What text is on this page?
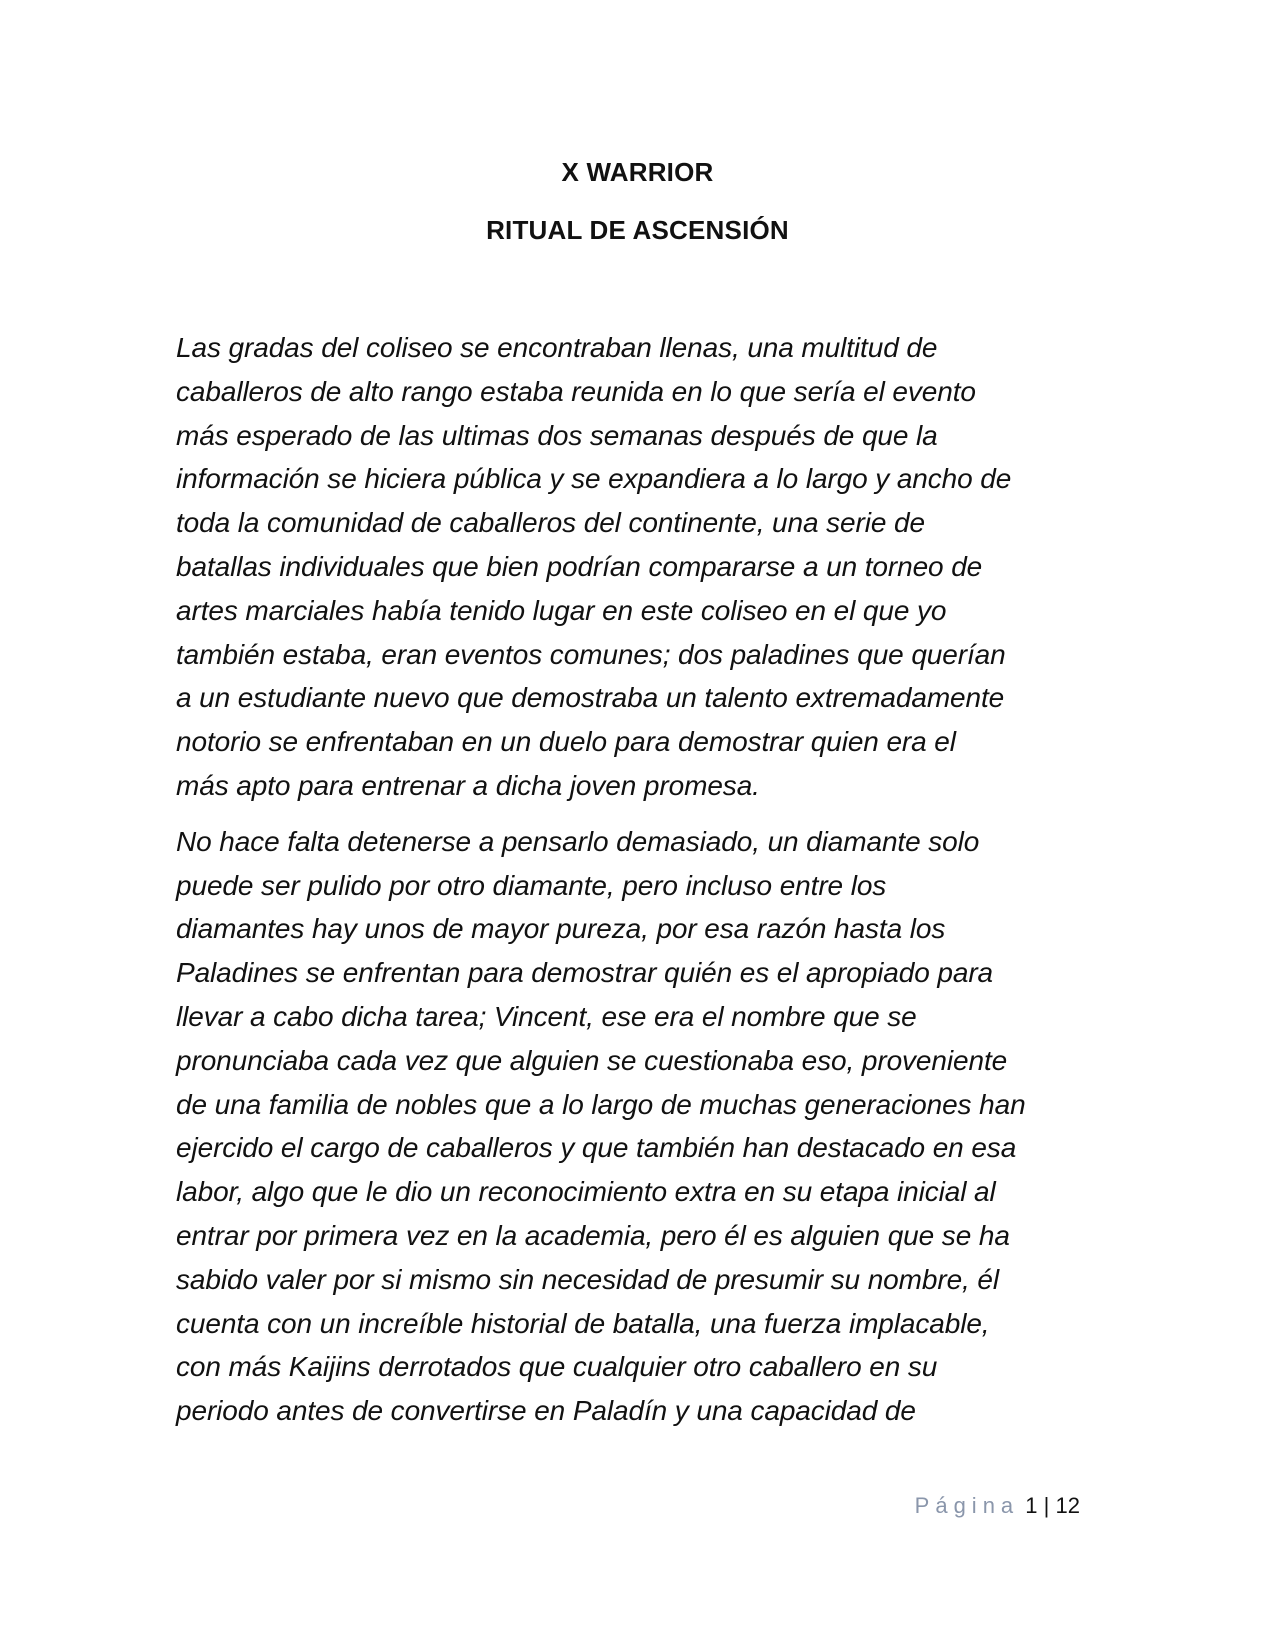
X WARRIOR
RITUAL DE ASCENSIÓN

Las gradas del coliseo se encontraban llenas, una multitud de
caballeros de alto rango estaba reunida en lo que sería el evento
más esperado de las ultimas dos semanas después de que la
información se hiciera pública y se expandiera a lo largo y ancho de
toda la comunidad de caballeros del continente, una serie de
batallas individuales que bien podrían compararse a un torneo de
artes marciales había tenido lugar en este coliseo en el que yo
también estaba, eran eventos comunes; dos paladines que querían
a un estudiante nuevo que demostraba un talento extremadamente
notorio se enfrentaban en un duelo para demostrar quien era el
más apto para entrenar a dicha joven promesa.

No hace falta detenerse a pensarlo demasiado, un diamante solo
puede ser pulido por otro diamante, pero incluso entre los
diamantes hay unos de mayor pureza, por esa razón hasta los
Paladines se enfrentan para demostrar quién es el apropiado para
llevar a cabo dicha tarea; Vincent, ese era el nombre que se
pronunciaba cada vez que alguien se cuestionaba eso, proveniente
de una familia de nobles que a lo largo de muchas generaciones han
ejercido el cargo de caballeros y que también han destacado en esa
labor, algo que le dio un reconocimiento extra en su etapa inicial al
entrar por primera vez en la academia, pero él es alguien que se ha
sabido valer por si mismo sin necesidad de presumir su nombre, él
cuenta con un increíble historial de batalla, una fuerza implacable,
con más Kaijins derrotados que cualquier otro caballero en su
periodo antes de convertirse en Paladín y una capacidad de

Página 1 | 12
